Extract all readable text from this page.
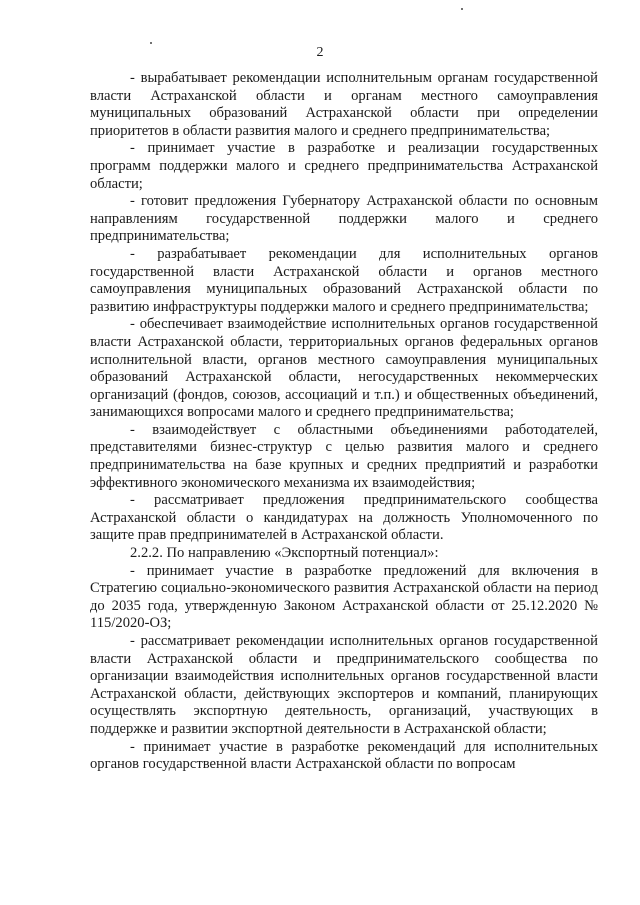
2

- вырабатывает рекомендации исполнительным органам государственной власти Астраханской области и органам местного самоуправления муниципальных образований Астраханской области при определении приоритетов в области развития малого и среднего предпринимательства;

- принимает участие в разработке и реализации государственных программ поддержки малого и среднего предпринимательства Астраханской области;

- готовит предложения Губернатору Астраханской области по основным направлениям государственной поддержки малого и среднего предпринимательства;

- разрабатывает рекомендации для исполнительных органов государственной власти Астраханской области и органов местного самоуправления муниципальных образований Астраханской области по развитию инфраструктуры поддержки малого и среднего предпринимательства;

- обеспечивает взаимодействие исполнительных органов государственной власти Астраханской области, территориальных органов федеральных органов исполнительной власти, органов местного самоуправления муниципальных образований Астраханской области, негосударственных некоммерческих организаций (фондов, союзов, ассоциаций и т.п.) и общественных объединений, занимающихся вопросами малого и среднего предпринимательства;

- взаимодействует с областными объединениями работодателей, представителями бизнес-структур с целью развития малого и среднего предпринимательства на базе крупных и средних предприятий и разработки эффективного экономического механизма их взаимодействия;

- рассматривает предложения предпринимательского сообщества Астраханской области о кандидатурах на должность Уполномоченного по защите прав предпринимателей в Астраханской области.

2.2.2. По направлению «Экспортный потенциал»:

- принимает участие в разработке предложений для включения в Стратегию социально-экономического развития Астраханской области на период до 2035 года, утвержденную Законом Астраханской области от 25.12.2020 № 115/2020-ОЗ;

- рассматривает рекомендации исполнительных органов государственной власти Астраханской области и предпринимательского сообщества по организации взаимодействия исполнительных органов государственной власти Астраханской области, действующих экспортеров и компаний, планирующих осуществлять экспортную деятельность, организаций, участвующих в поддержке и развитии экспортной деятельности в Астраханской области;

- принимает участие в разработке рекомендаций для исполнительных органов государственной власти Астраханской области по вопросам
